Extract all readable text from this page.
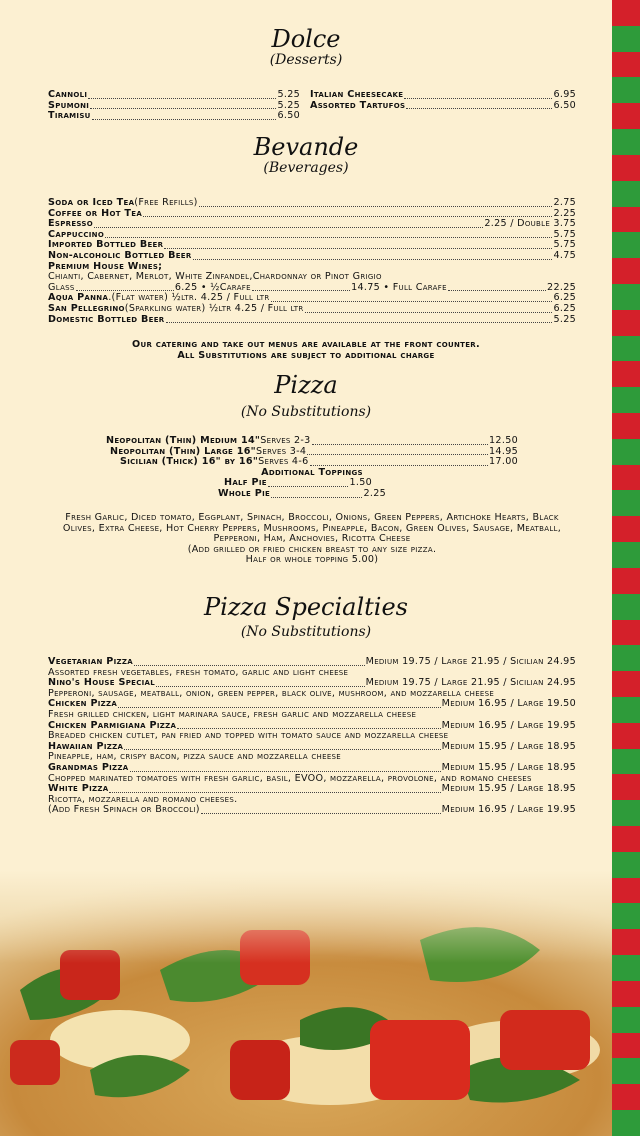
Dolce
(Desserts)
Cannoli	5.25
Spumoni	5.25
Tiramisu	6.50
Italian Cheesecake	6.95
Assorted Tartufos	6.50
Bevande
(Beverages)
Soda or Iced Tea (Free Refills)	2.75
Coffee or Hot Tea	2.25
Espresso	2.25 / Double 3.75
Cappuccino	5.75
Imported Bottled Beer	5.75
Non-alcoholic Bottled Beer	4.75
Premium House Wines;
Chianti, Cabernet, Merlot, White Zinfandel,Chardonnay or Pinot Grigio
Glass	6.25 • ½Carafe	14.75 • Full Carafe	22.25
Aqua Panna .(Flat water) ½ltr. 4.25 / Full ltr	6.25
San Pellegrino (Sparkling water) ½ltr 4.25 / Full ltr	6.25
Domestic Bottled Beer	5.25
Our catering and take out menus are available at the front counter.
All Substitutions are subject to additional charge
Pizza
(No Substitutions)
Neopolitan (Thin) Medium 14" Serves 2-3	12.50
Neopolitan (Thin) Large 16" Serves 3-4	14.95
Sicilian (Thick) 16" by 16" Serves 4-6	17.00
Additional Toppings
Half Pie	1.50
Whole Pie	2.25
Fresh Garlic, Diced tomato, Eggplant, Spinach, Broccoli, Onions, Green Peppers, Artichoke Hearts, Black Olives, Extra Cheese, Hot Cherry Peppers, Mushrooms, Pineapple, Bacon, Green Olives, Sausage, Meatball, Pepperoni, Ham, Anchovies, Ricotta Cheese
(Add grilled or fried chicken breast to any size pizza.
Half or whole topping 5.00)
Pizza Specialties
(No Substitutions)
Vegetarian Pizza	Medium 19.75 / Large 21.95 / Sicilian 24.95
Assorted fresh vegetables, fresh tomato, garlic and light cheese
Nino's House Special	Medium 19.75 / Large 21.95 / Sicilian 24.95
Pepperoni, sausage, meatball, onion, green pepper, black olive, mushroom, and mozzarella cheese
Chicken Pizza	Medium 16.95 / Large 19.50
Fresh grilled chicken, light marinara sauce, fresh garlic and mozzarella cheese
Chicken Parmigiana Pizza	Medium 16.95 / Large 19.95
Breaded chicken cutlet, pan fried and topped with tomato sauce and mozzarella cheese
Hawaiian Pizza	Medium 15.95 / Large 18.95
Pineapple, ham, crispy bacon, pizza sauce and mozzarella cheese
Grandmas Pizza	Medium 15.95 / Large 18.95
Chopped marinated tomatoes with fresh garlic, basil, EVOO, mozzarella, provolone, and romano cheeses
White Pizza	Medium 15.95 / Large 18.95
Ricotta, mozzarella and romano cheeses.
(Add Fresh Spinach or Broccoli)	Medium 16.95 / Large 19.95
